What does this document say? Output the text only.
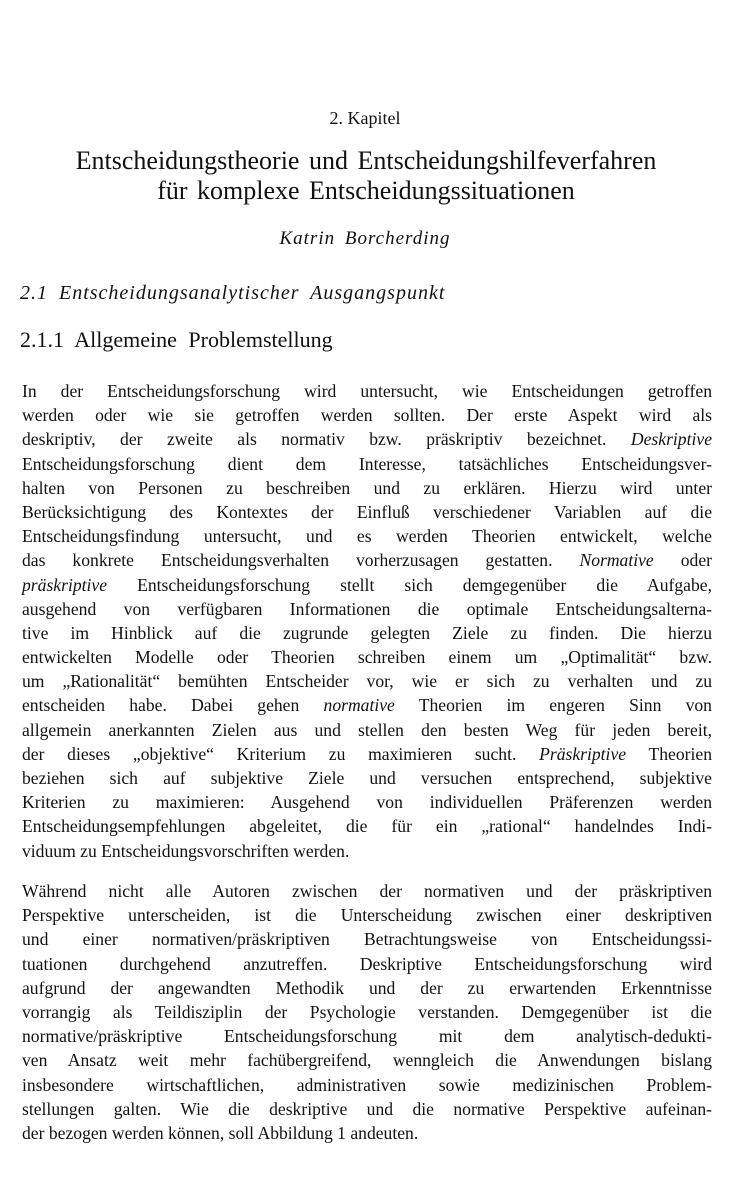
2. Kapitel
Entscheidungstheorie und Entscheidungshilfeverfahren
für komplexe Entscheidungssituationen
Katrin Borcherding
2.1 Entscheidungsanalytischer Ausgangspunkt
2.1.1 Allgemeine Problemstellung
In der Entscheidungsforschung wird untersucht, wie Entscheidungen getroffen
werden oder wie sie getroffen werden sollten. Der erste Aspekt wird als
deskriptiv, der zweite als normativ bzw. präskriptiv bezeichnet. Deskriptive
Entscheidungsforschung dient dem Interesse, tatsächliches Entscheidungsver-
halten von Personen zu beschreiben und zu erklären. Hierzu wird unter
Berücksichtigung des Kontextes der Einfluß verschiedener Variablen auf die
Entscheidungsfindung untersucht, und es werden Theorien entwickelt, welche
das konkrete Entscheidungsverhalten vorherzusagen gestatten. Normative oder
präskriptive Entscheidungsforschung stellt sich demgegenüber die Aufgabe,
ausgehend von verfügbaren Informationen die optimale Entscheidungsalterna-
tive im Hinblick auf die zugrunde gelegten Ziele zu finden. Die hierzu
entwickelten Modelle oder Theorien schreiben einem um „Optimalität“ bzw.
um „Rationalität“ bemühten Entscheider vor, wie er sich zu verhalten und zu
entscheiden habe. Dabei gehen normative Theorien im engeren Sinn von
allgemein anerkannten Zielen aus und stellen den besten Weg für jeden bereit,
der dieses „objektive“ Kriterium zu maximieren sucht. Präskriptive Theorien
beziehen sich auf subjektive Ziele und versuchen entsprechend, subjektive
Kriterien zu maximieren: Ausgehend von individuellen Präferenzen werden
Entscheidungsempfehlungen abgeleitet, die für ein „rational“ handelndes Indi-
viduum zu Entscheidungsvorschriften werden.
Während nicht alle Autoren zwischen der normativen und der präskriptiven
Perspektive unterscheiden, ist die Unterscheidung zwischen einer deskriptiven
und einer normativen/präskriptiven Betrachtungsweise von Entscheidungssi-
tuationen durchgehend anzutreffen. Deskriptive Entscheidungsforschung wird
aufgrund der angewandten Methodik und der zu erwartenden Erkenntnisse
vorrangig als Teildisziplin der Psychologie verstanden. Demgegenüber ist die
normative/präskriptive Entscheidungsforschung mit dem analytisch-dedukti-
ven Ansatz weit mehr fachübergreifend, wenngleich die Anwendungen bislang
insbesondere wirtschaftlichen, administrativen sowie medizinischen Problem-
stellungen galten. Wie die deskriptive und die normative Perspektive aufeinan-
der bezogen werden können, soll Abbildung 1 andeuten.
